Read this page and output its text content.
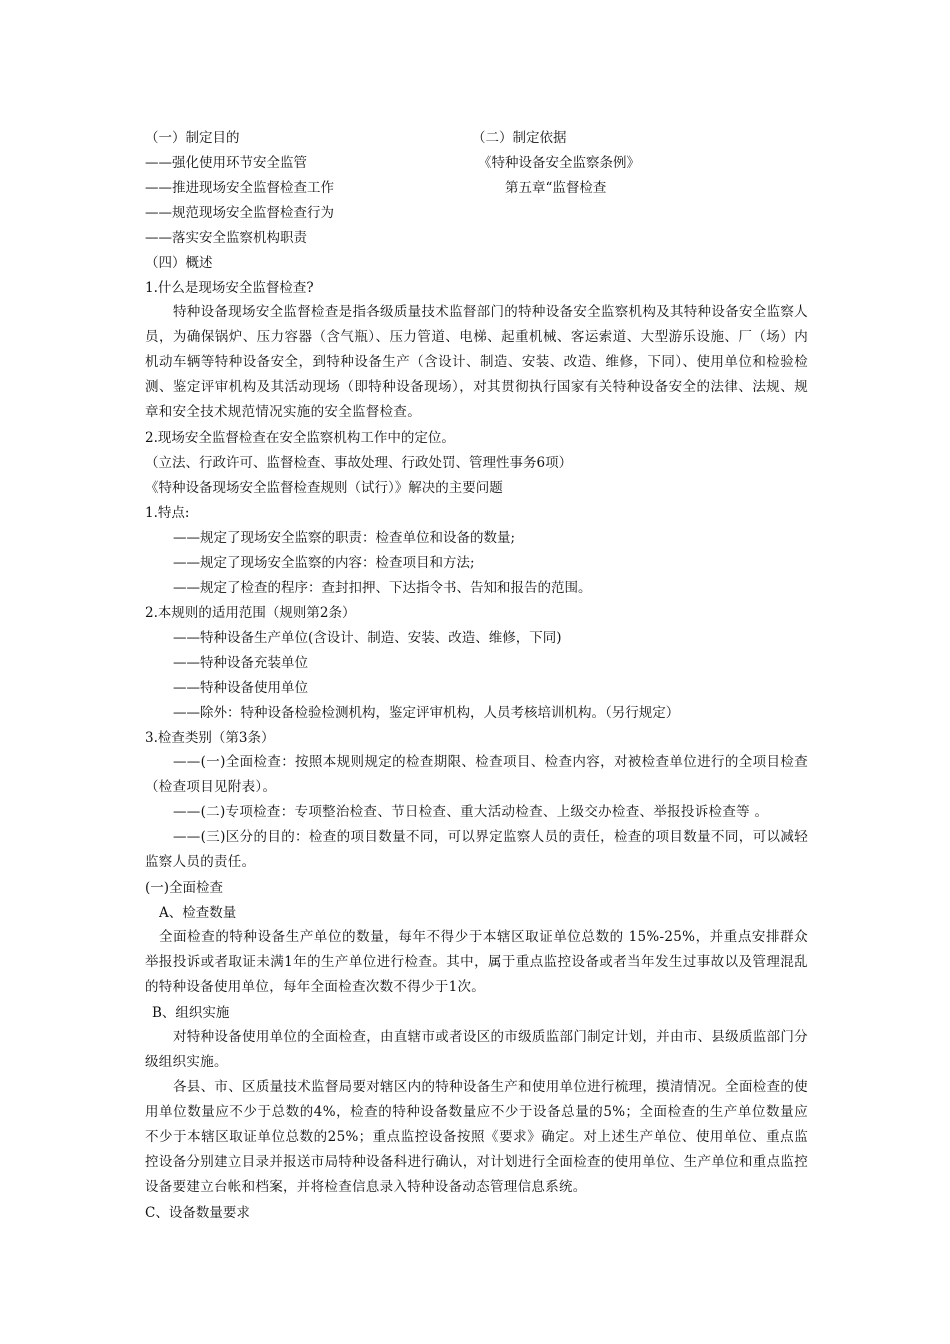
（一）制定目的
——强化使用环节安全监管
——推进现场安全监督检查工作
——规范现场安全监督检查行为
——落实安全监察机构职责
（二）制定依据
《特种设备安全监察条例》
第五章“监督检查
（四）概述
1.什么是现场安全监督检查?
特种设备现场安全监督检查是指各级质量技术监督部门的特种设备安全监察机构及其特种设备安全监察人员，为确保锅炉、压力容器（含气瓶）、压力管道、电梯、起重机械、客运索道、大型游乐设施、厂（场）内机动车辆等特种设备安全，到特种设备生产（含设计、制造、安装、改造、维修，下同）、使用单位和检验检测、鉴定评审机构及其活动现场（即特种设备现场），对其贯彻执行国家有关特种设备安全的法律、法规、规章和安全技术规范情况实施的安全监督检查。
2.现场安全监督检查在安全监察机构工作中的定位。
（立法、行政许可、监督检查、事故处理、行政处罚、管理性事务6项）
《特种设备现场安全监督检查规则（试行）》解决的主要问题
1.特点:
——规定了现场安全监察的职责：检查单位和设备的数量;
——规定了现场安全监察的内容：检查项目和方法;
——规定了检查的程序：查封扣押、下达指令书、告知和报告的范围。
2.本规则的适用范围（规则第2条）
——特种设备生产单位(含设计、制造、安装、改造、维修，下同)
——特种设备充装单位
——特种设备使用单位
——除外：特种设备检验检测机构，鉴定评审机构，人员考核培训机构。（另行规定）
3.检查类别（第3条）
——(一)全面检查：按照本规则规定的检查期限、检查项目、检查内容，对被检查单位进行的全项目检查（检查项目见附表）。
——(二)专项检查：专项整治检查、节日检查、重大活动检查、上级交办检查、举报投诉检查等 。
——(三)区分的目的：检查的项目数量不同，可以界定监察人员的责任，检查的项目数量不同，可以减轻监察人员的责任。
(一)全面检查
A、检查数量
全面检查的特种设备生产单位的数量，每年不得少于本辖区取证单位总数的 15%-25%，并重点安排群众举报投诉或者取证未满1年的生产单位进行检查。其中，属于重点监控设备或者当年发生过事故以及管理混乱的特种设备使用单位，每年全面检查次数不得少于1次。
B、组织实施
对特种设备使用单位的全面检查，由直辖市或者设区的市级质监部门制定计划，并由市、县级质监部门分级组织实施。
各县、市、区质量技术监督局要对辖区内的特种设备生产和使用单位进行梳理，摸清情况。全面检查的使用单位数量应不少于总数的4%，检查的特种设备数量应不少于设备总量的5%；全面检查的生产单位数量应不少于本辖区取证单位总数的25%；重点监控设备按照《要求》确定。对上述生产单位、使用单位、重点监控设备分别建立目录并报送市局特种设备科进行确认，对计划进行全面检查的使用单位、生产单位和重点监控设备要建立台帐和档案，并将检查信息录入特种设备动态管理信息系统。
C、设备数量要求
